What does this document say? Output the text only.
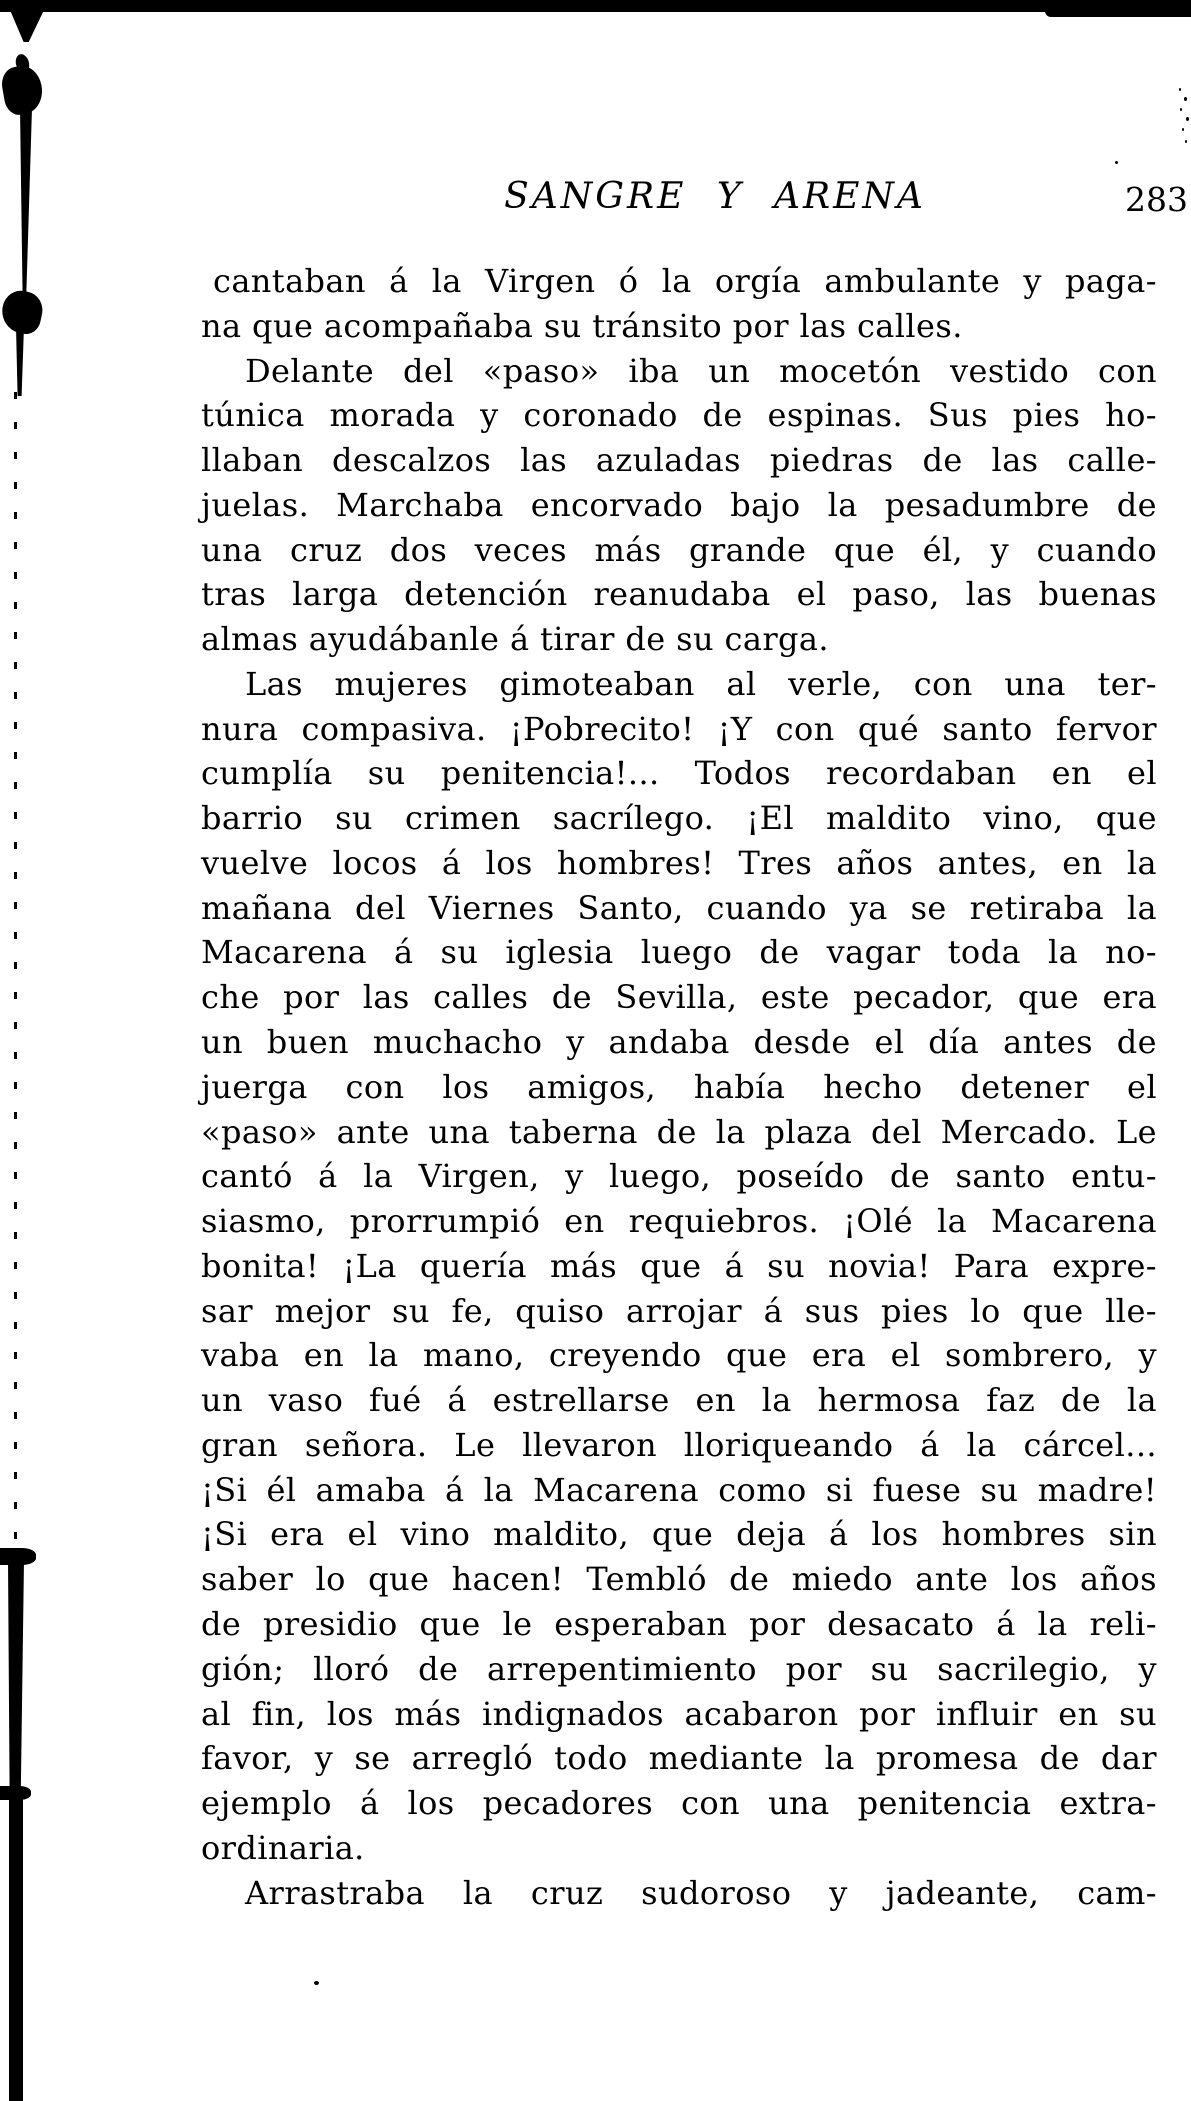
SANGRE Y ARENA	283
cantaban á la Virgen ó la orgía ambulante y paga-
na que acompañaba su tránsito por las calles.
Delante del «paso» iba un mocetón vestido con
túnica morada y coronado de espinas. Sus pies ho-
llaban descalzos las azuladas piedras de las calle-
juelas. Marchaba encorvado bajo la pesadumbre de
una cruz dos veces más grande que él, y cuando
tras larga detención reanudaba el paso, las buenas
almas ayudábanle á tirar de su carga.
Las mujeres gimoteaban al verle, con una ter-
nura compasiva. ¡Pobrecito! ¡Y con qué santo fervor
cumplía su penitencia!... Todos recordaban en el
barrio su crimen sacrílego. ¡El maldito vino, que
vuelve locos á los hombres! Tres años antes, en la
mañana del Viernes Santo, cuando ya se retiraba la
Macarena á su iglesia luego de vagar toda la no-
che por las calles de Sevilla, este pecador, que era
un buen muchacho y andaba desde el día antes de
juerga con los amigos, había hecho detener el
«paso» ante una taberna de la plaza del Mercado. Le
cantó á la Virgen, y luego, poseído de santo entu-
siasmo, prorrumpió en requiebros. ¡Olé la Macarena
bonita! ¡La quería más que á su novia! Para expre-
sar mejor su fe, quiso arrojar á sus pies lo que lle-
vaba en la mano, creyendo que era el sombrero, y
un vaso fué á estrellarse en la hermosa faz de la
gran señora. Le llevaron lloriqueando á la cárcel...
¡Si él amaba á la Macarena como si fuese su madre!
¡Si era el vino maldito, que deja á los hombres sin
saber lo que hacen! Tembló de miedo ante los años
de presidio que le esperaban por desacato á la reli-
gión; lloró de arrepentimiento por su sacrilegio, y
al fin, los más indignados acabaron por influir en su
favor, y se arregló todo mediante la promesa de dar
ejemplo á los pecadores con una penitencia extra-
ordinaria.
Arrastraba la cruz sudoroso y jadeante, cam-
